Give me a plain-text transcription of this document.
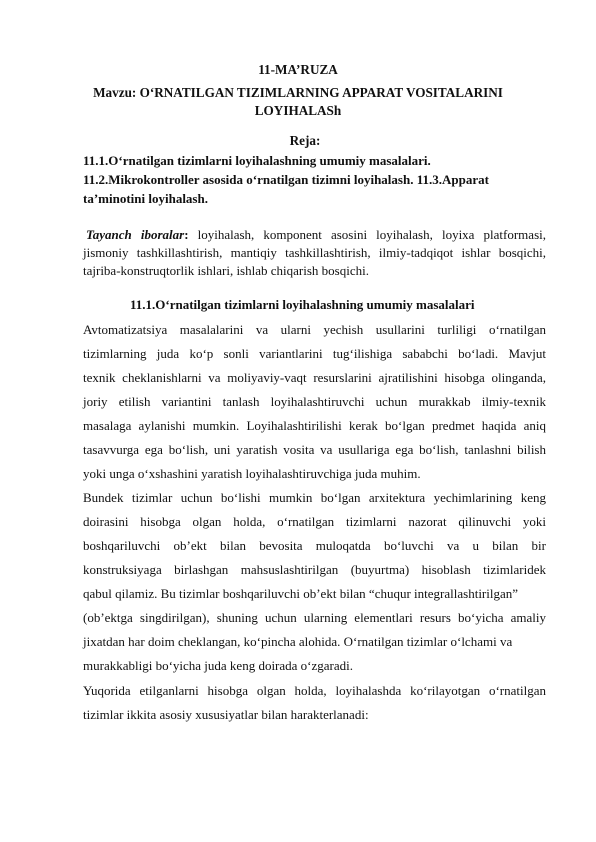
11-MA’RUZA
Mavzu: O‘RNATILGAN TIZIMLARNING APPARAT VOSITALARINI
LOYIHALASh
Reja:
11.1.O‘rnatilgan tizimlarni loyihalashning umumiy masalalari.
11.2.Mikrokontroller asosida o‘rnatilgan tizimni loyihalash. 11.3.Apparat
ta’minotini loyihalash.
Tayanch iboralar: loyihalash, komponent asosini loyihalash, loyixa platformasi,
jismoniy tashkillashtirish, mantiqiy tashkillashtirish, ilmiy-tadqiqot ishlar bosqichi,
tajriba-konstruqtorlik ishlari, ishlab chiqarish bosqichi.
11.1.O‘rnatilgan tizimlarni loyihalashning umumiy masalalari
Avtomatizatsiya masalalarini va ularni yechish usullarini turliligi o‘rnatilgan
tizimlarning juda ko‘p sonli variantlarini tug‘ilishiga sababchi bo‘ladi. Mavjut
texnik cheklanishlarni va moliyaviy-vaqt resurslarini ajratilishini hisobga olinganda,
joriy etilish variantini tanlash loyihalashtiruvchi uchun murakkab ilmiy-texnik
masalaga aylanishi mumkin. Loyihalashtirilishi kerak bo‘lgan predmet haqida aniq
tasavvurga ega bo‘lish, uni yaratish vosita va usullariga ega bo‘lish, tanlashni bilish
yoki unga o‘xshashini yaratish loyihalashtiruvchiga juda muhim.
Bundek tizimlar uchun bo‘lishi mumkin bo‘lgan arxitektura yechimlarining keng
doirasini hisobga olgan holda, o‘rnatilgan tizimlarni nazorat qilinuvchi yoki
boshqariluvchi ob’ekt bilan bevosita muloqatda bo‘luvchi va u bilan bir
konstruksiyaga birlashgan mahsuslashtirilgan (buyurtma) hisoblash tizimlaridek
qabul qilamiz. Bu tizimlar boshqariluvchi ob’ekt bilan “chuqur integrallashtirilgan”
(ob’ektga singdirilgan), shuning uchun ularning elementlari resurs bo‘yicha amaliy
jixatdan har doim cheklangan, ko‘pincha alohida. O‘rnatilgan tizimlar o‘lchami va
murakkabligi bo‘yicha juda keng doirada o‘zgaradi.
Yuqorida etilganlarni hisobga olgan holda, loyihalashda ko‘rilayotgan o‘rnatilgan
tizimlar ikkita asosiy xususiyatlar bilan harakterlanadi:
